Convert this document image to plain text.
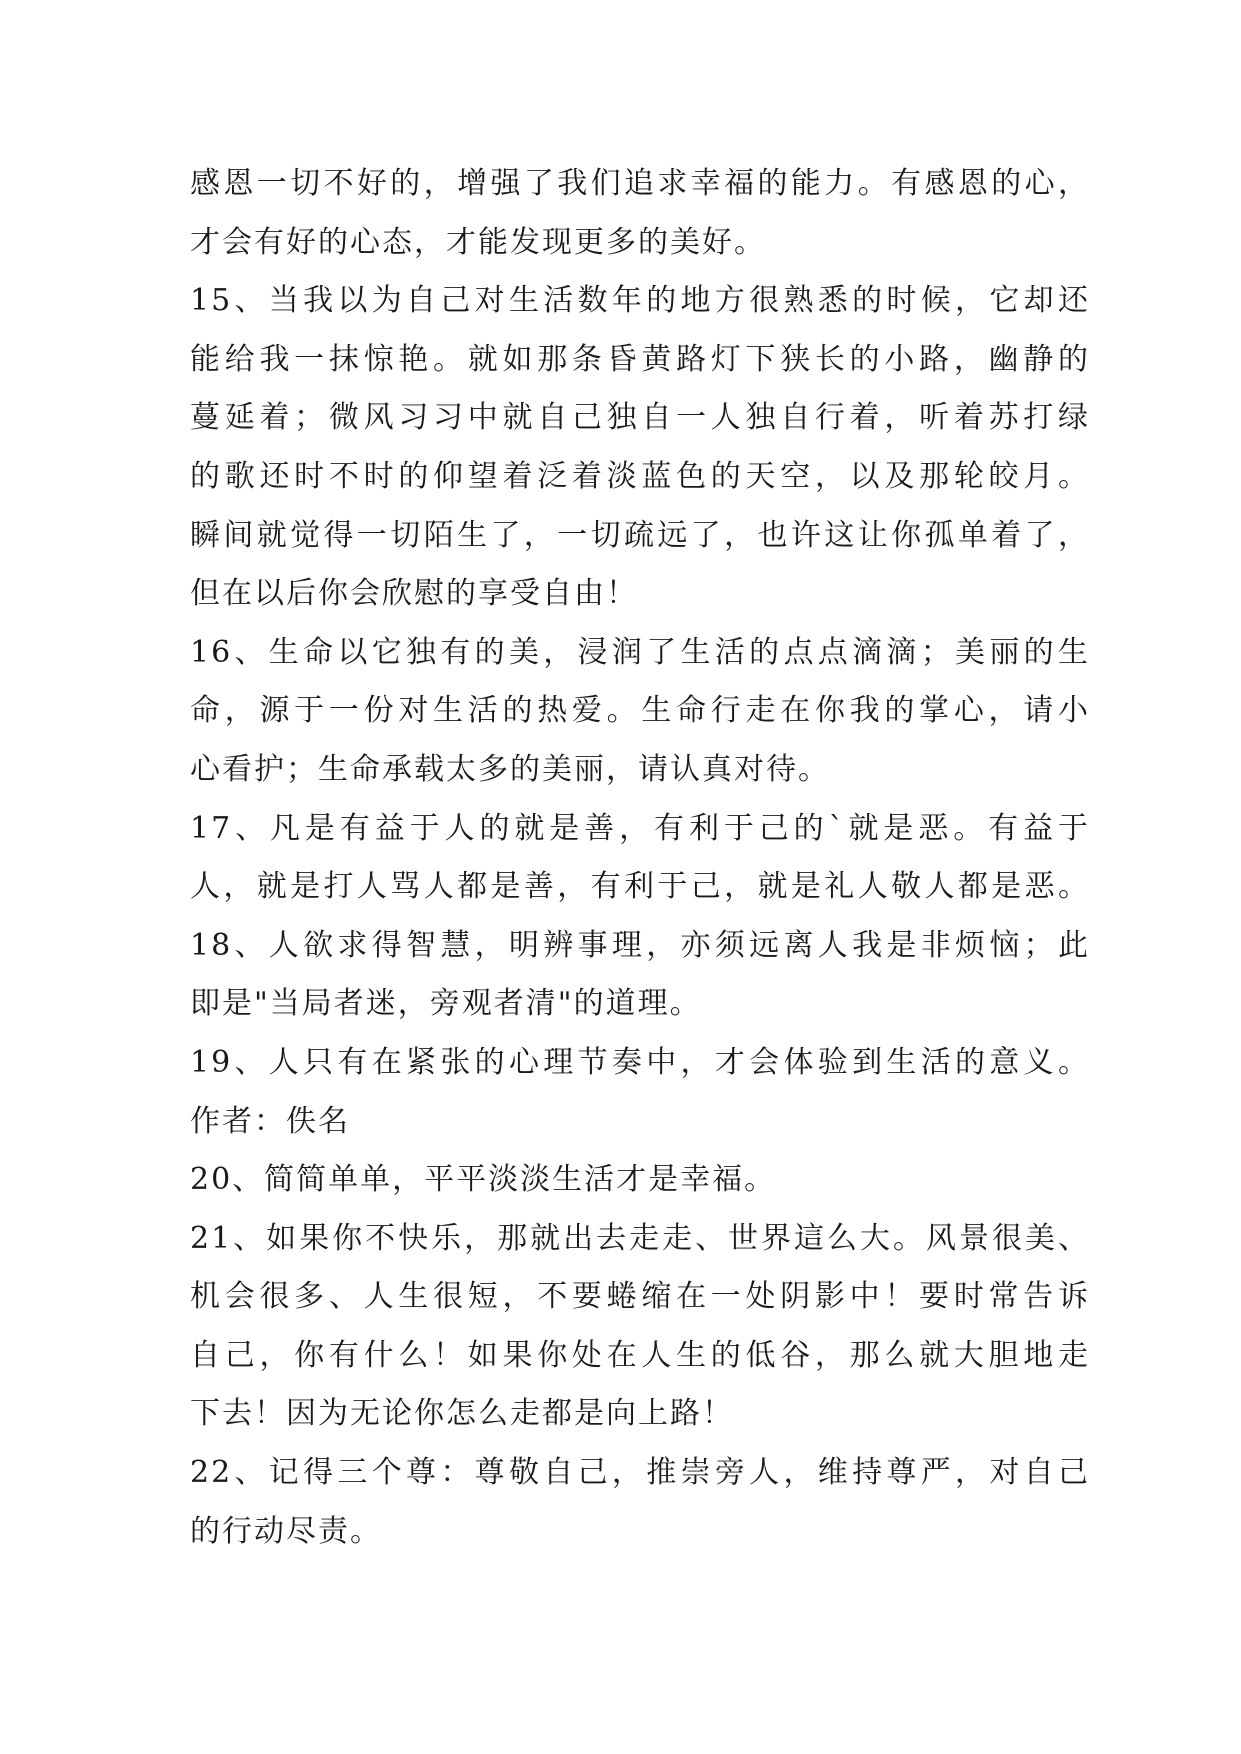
感恩一切不好的，增强了我们追求幸福的能力。有感恩的心，
才会有好的心态，才能发现更多的美好。
15、当我以为自己对生活数年的地方很熟悉的时候，它却还
能给我一抹惊艳。就如那条昏黄路灯下狭长的小路，幽静的
蔓延着；微风习习中就自己独自一人独自行着，听着苏打绿
的歌还时不时的仰望着泛着淡蓝色的天空，以及那轮皎月。
瞬间就觉得一切陌生了，一切疏远了，也许这让你孤单着了，
但在以后你会欣慰的享受自由！
16、生命以它独有的美，浸润了生活的点点滴滴；美丽的生
命，源于一份对生活的热爱。生命行走在你我的掌心，请小
心看护；生命承载太多的美丽，请认真对待。
17、凡是有益于人的就是善，有利于己的`就是恶。有益于
人，就是打人骂人都是善，有利于己，就是礼人敬人都是恶。
18、人欲求得智慧，明辨事理，亦须远离人我是非烦恼；此
即是"当局者迷，旁观者清"的道理。
19、人只有在紧张的心理节奏中，才会体验到生活的意义。
作者：佚名
20、简简单单，平平淡淡生活才是幸福。
21、如果你不快乐，那就出去走走、世界這么大。风景很美、
机会很多、人生很短，不要蜷缩在一处阴影中！要时常告诉
自己，你有什么！如果你处在人生的低谷，那么就大胆地走
下去！因为无论你怎么走都是向上路！
22、记得三个尊：尊敬自己，推崇旁人，维持尊严，对自己
的行动尽责。
